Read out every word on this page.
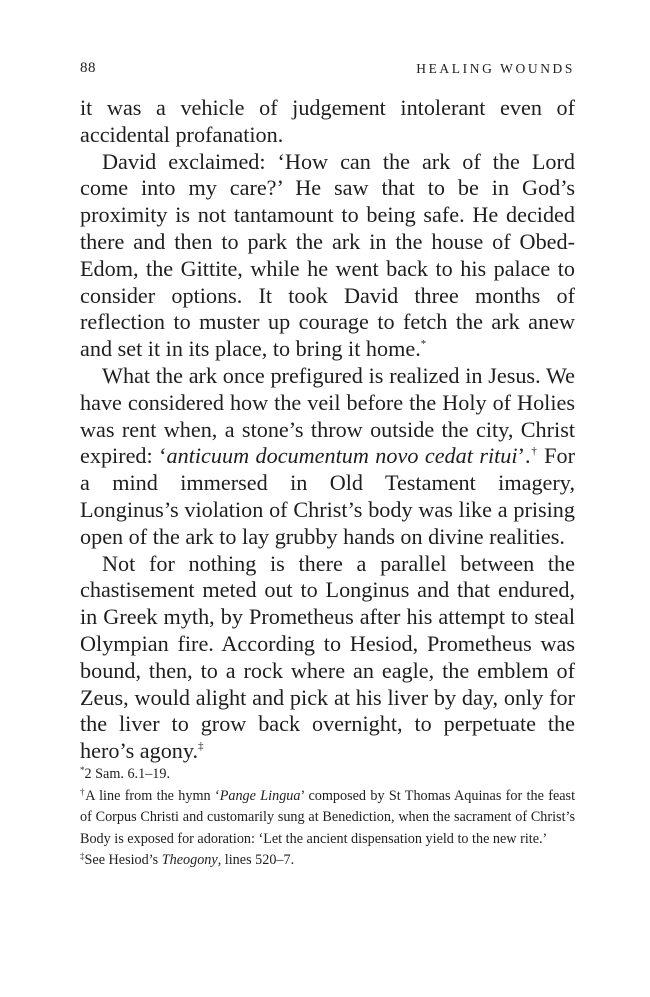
88	HEALING WOUNDS

it was a vehicle of judgement intolerant even of accidental profanation.

David exclaimed: ‘How can the ark of the Lord come into my care?’ He saw that to be in God’s proximity is not tantamount to being safe. He decided there and then to park the ark in the house of Obed-Edom, the Gittite, while he went back to his palace to consider options. It took David three months of reflection to muster up courage to fetch the ark anew and set it in its place, to bring it home.*

What the ark once prefigured is realized in Jesus. We have considered how the veil before the Holy of Holies was rent when, a stone’s throw outside the city, Christ expired: ‘anticuum documentum novo cedat ritui’.† For a mind immersed in Old Testament imagery, Longinus’s violation of Christ’s body was like a prising open of the ark to lay grubby hands on divine realities.

Not for nothing is there a parallel between the chastisement meted out to Longinus and that endured, in Greek myth, by Prometheus after his attempt to steal Olympian fire. According to Hesiod, Prometheus was bound, then, to a rock where an eagle, the emblem of Zeus, would alight and pick at his liver by day, only for the liver to grow back overnight, to perpetuate the hero’s agony.‡

*2 Sam. 6.1–19.

†A line from the hymn ‘Pange Lingua’ composed by St Thomas Aquinas for the feast of Corpus Christi and customarily sung at Benediction, when the sacrament of Christ’s Body is exposed for adoration: ‘Let the ancient dispensation yield to the new rite.’

‡See Hesiod’s Theogony, lines 520–7.
